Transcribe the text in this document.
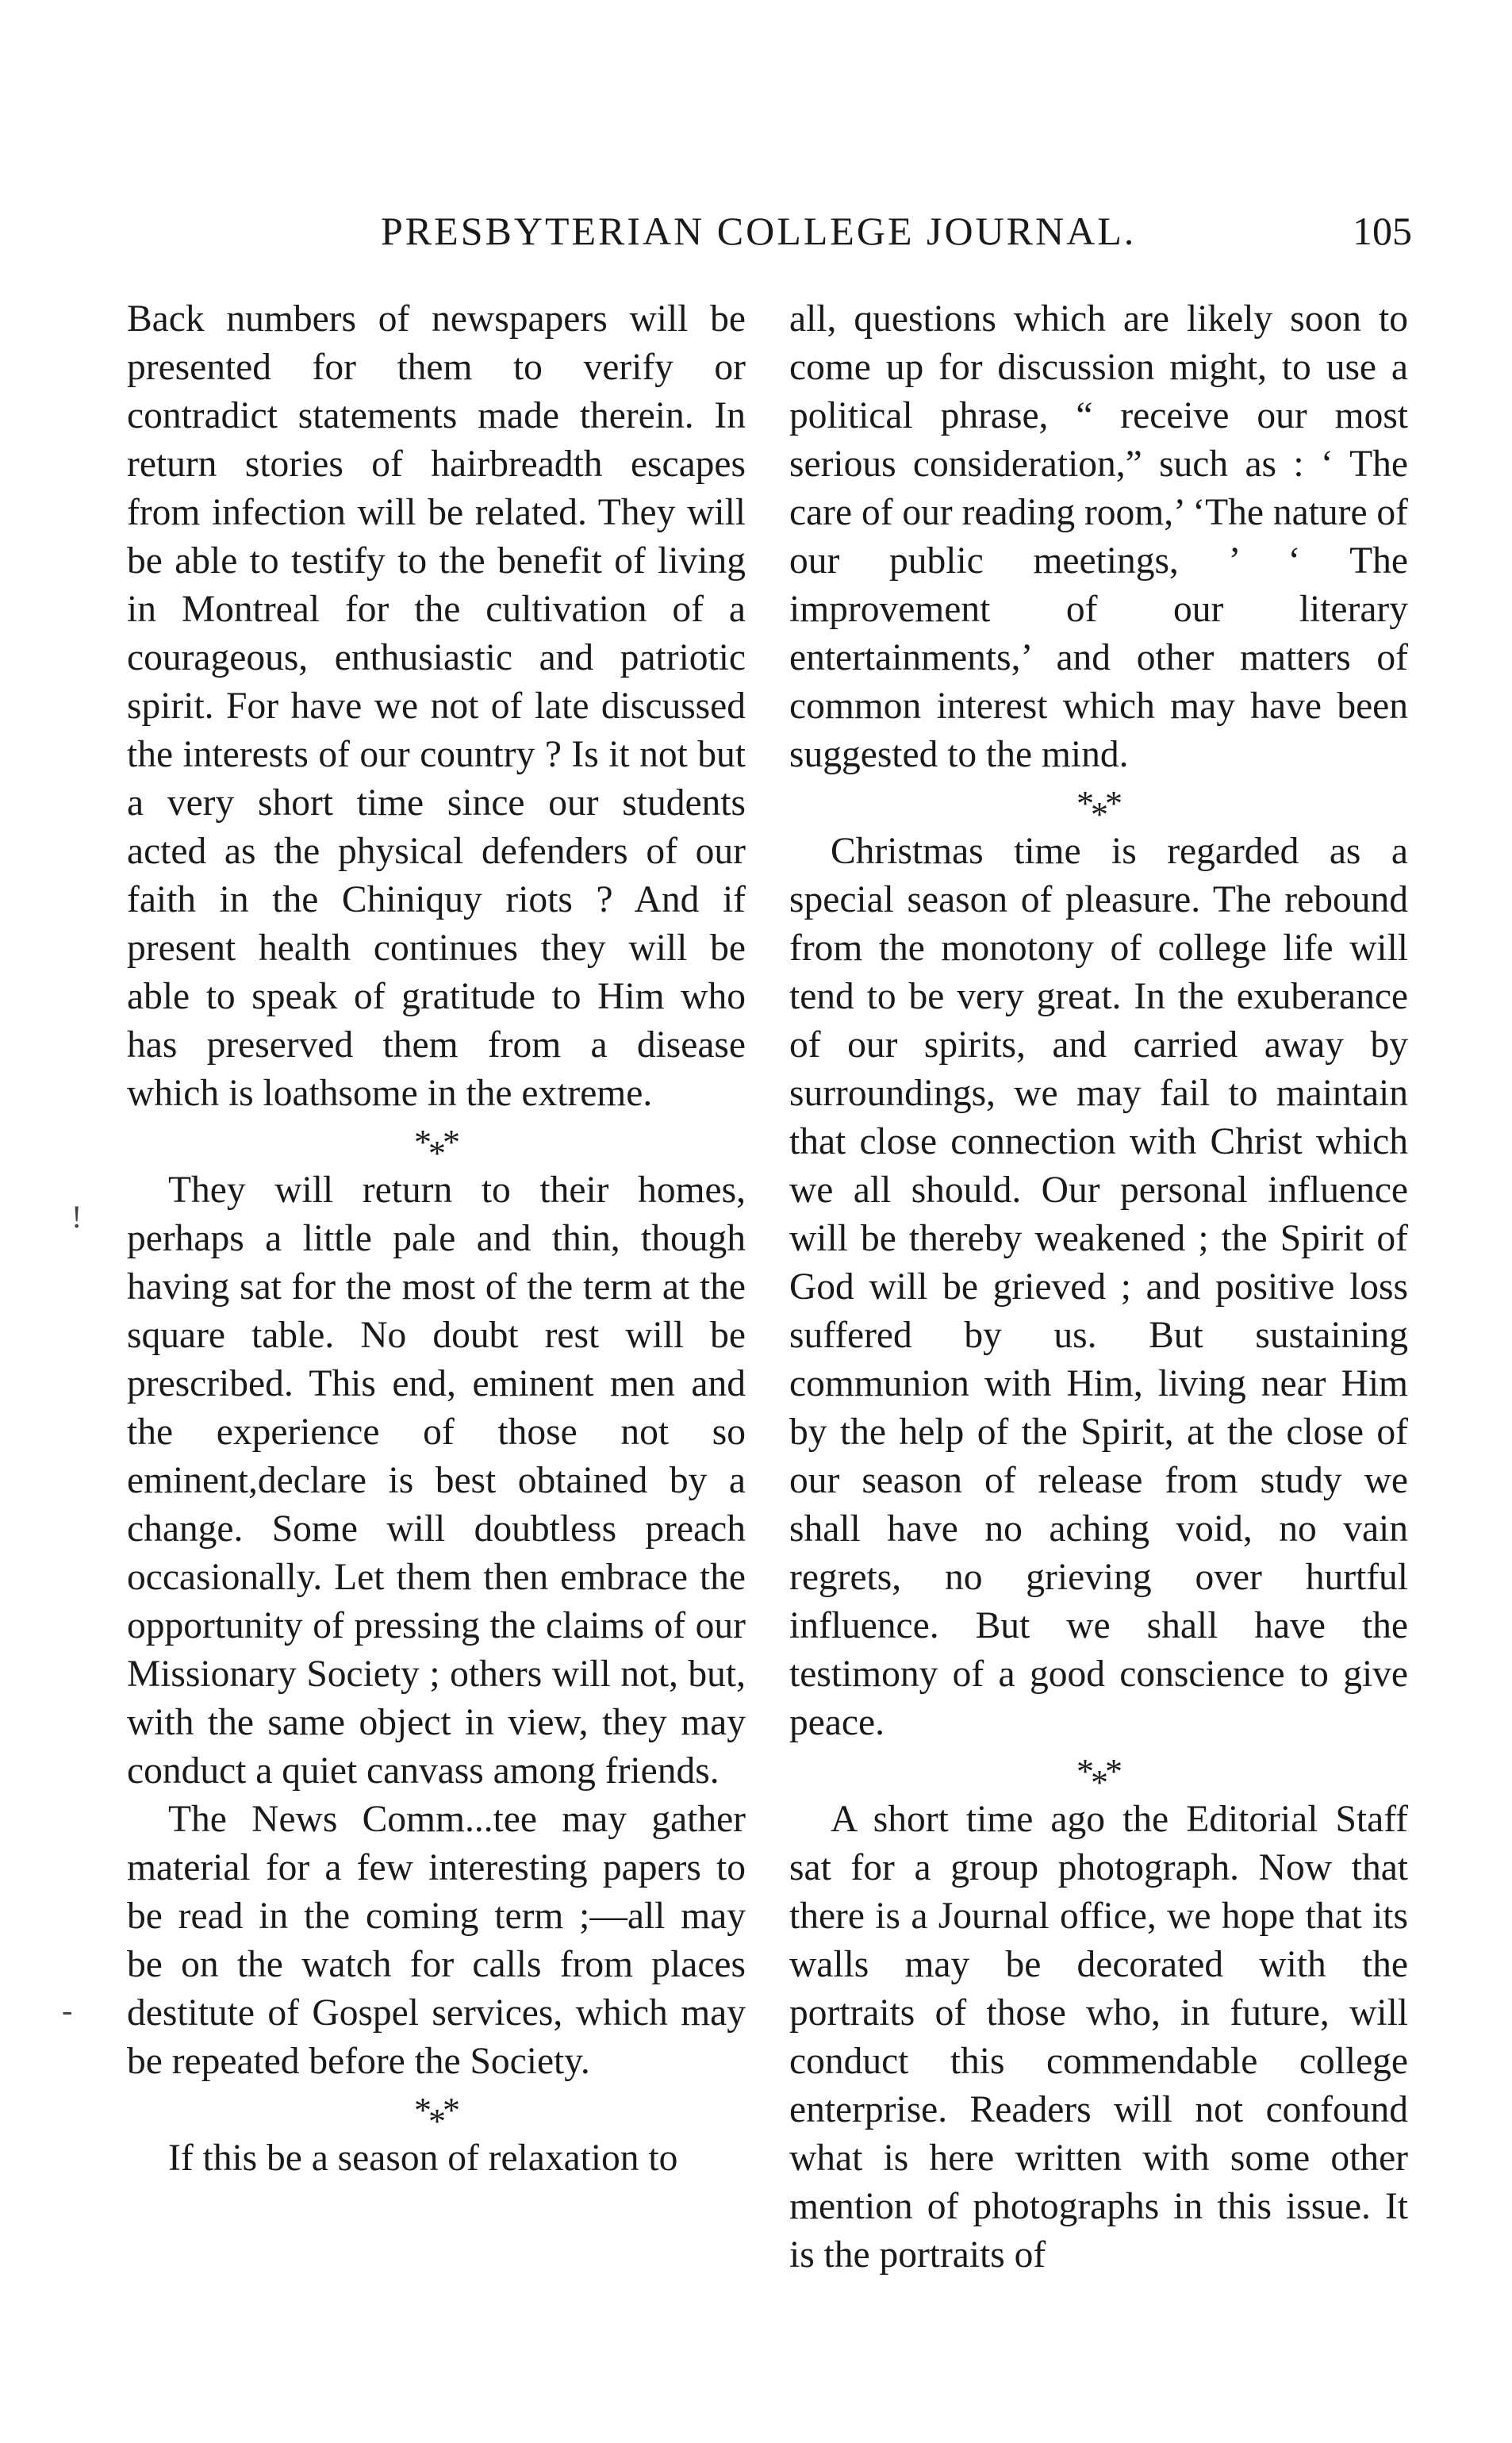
PRESBYTERIAN COLLEGE JOURNAL.	105
!
-

Back numbers of newspapers will be presented for them to verify or contradict statements made therein. In return stories of hairbreadth escapes from infection will be related. They will be able to testify to the benefit of living in Montreal for the cultivation of a courageous, enthusiastic and patriotic spirit. For have we not of late discussed the interests of our country ? Is it not but a very short time since our students acted as the physical defenders of our faith in the Chiniquy riots ? And if present health continues they will be able to speak of gratitude to Him who has preserved them from a disease which is loathsome in the extreme.

***

They will return to their homes, perhaps a little pale and thin, though having sat for the most of the term at the square table. No doubt rest will be prescribed. This end, eminent men and the experience of those not so eminent,declare is best obtained by a change. Some will doubtless preach occasionally. Let them then embrace the opportunity of pressing the claims of our Missionary Society ; others will not, but, with the same object in view, they may conduct a quiet canvass among friends.

The News Comm...tee may gather material for a few interesting papers to be read in the coming term ;—all may be on the watch for calls from places destitute of Gospel services, which may be repeated before the Society.

***

If this be a season of relaxation to

all, questions which are likely soon to come up for discussion might, to use a political phrase, “ receive our most serious consideration,” such as : ‘ The care of our reading room,’ ‘The nature of our public meetings, ’ ‘ The improvement of our literary entertainments,’ and other matters of common interest which may have been suggested to the mind.

***

Christmas time is regarded as a special season of pleasure. The rebound from the monotony of college life will tend to be very great. In the exuberance of our spirits, and carried away by surroundings, we may fail to maintain that close connection with Christ which we all should. Our personal influence will be thereby weakened ; the Spirit of God will be grieved ; and positive loss suffered by us. But sustaining communion with Him, living near Him by the help of the Spirit, at the close of our season of release from study we shall have no aching void, no vain regrets, no grieving over hurtful influence. But we shall have the testimony of a good conscience to give peace.

***

A short time ago the Editorial Staff sat for a group photograph. Now that there is a Journal office, we hope that its walls may be decorated with the portraits of those who, in future, will conduct this commendable college enterprise. Readers will not confound what is here written with some other mention of photographs in this issue. It is the portraits of
